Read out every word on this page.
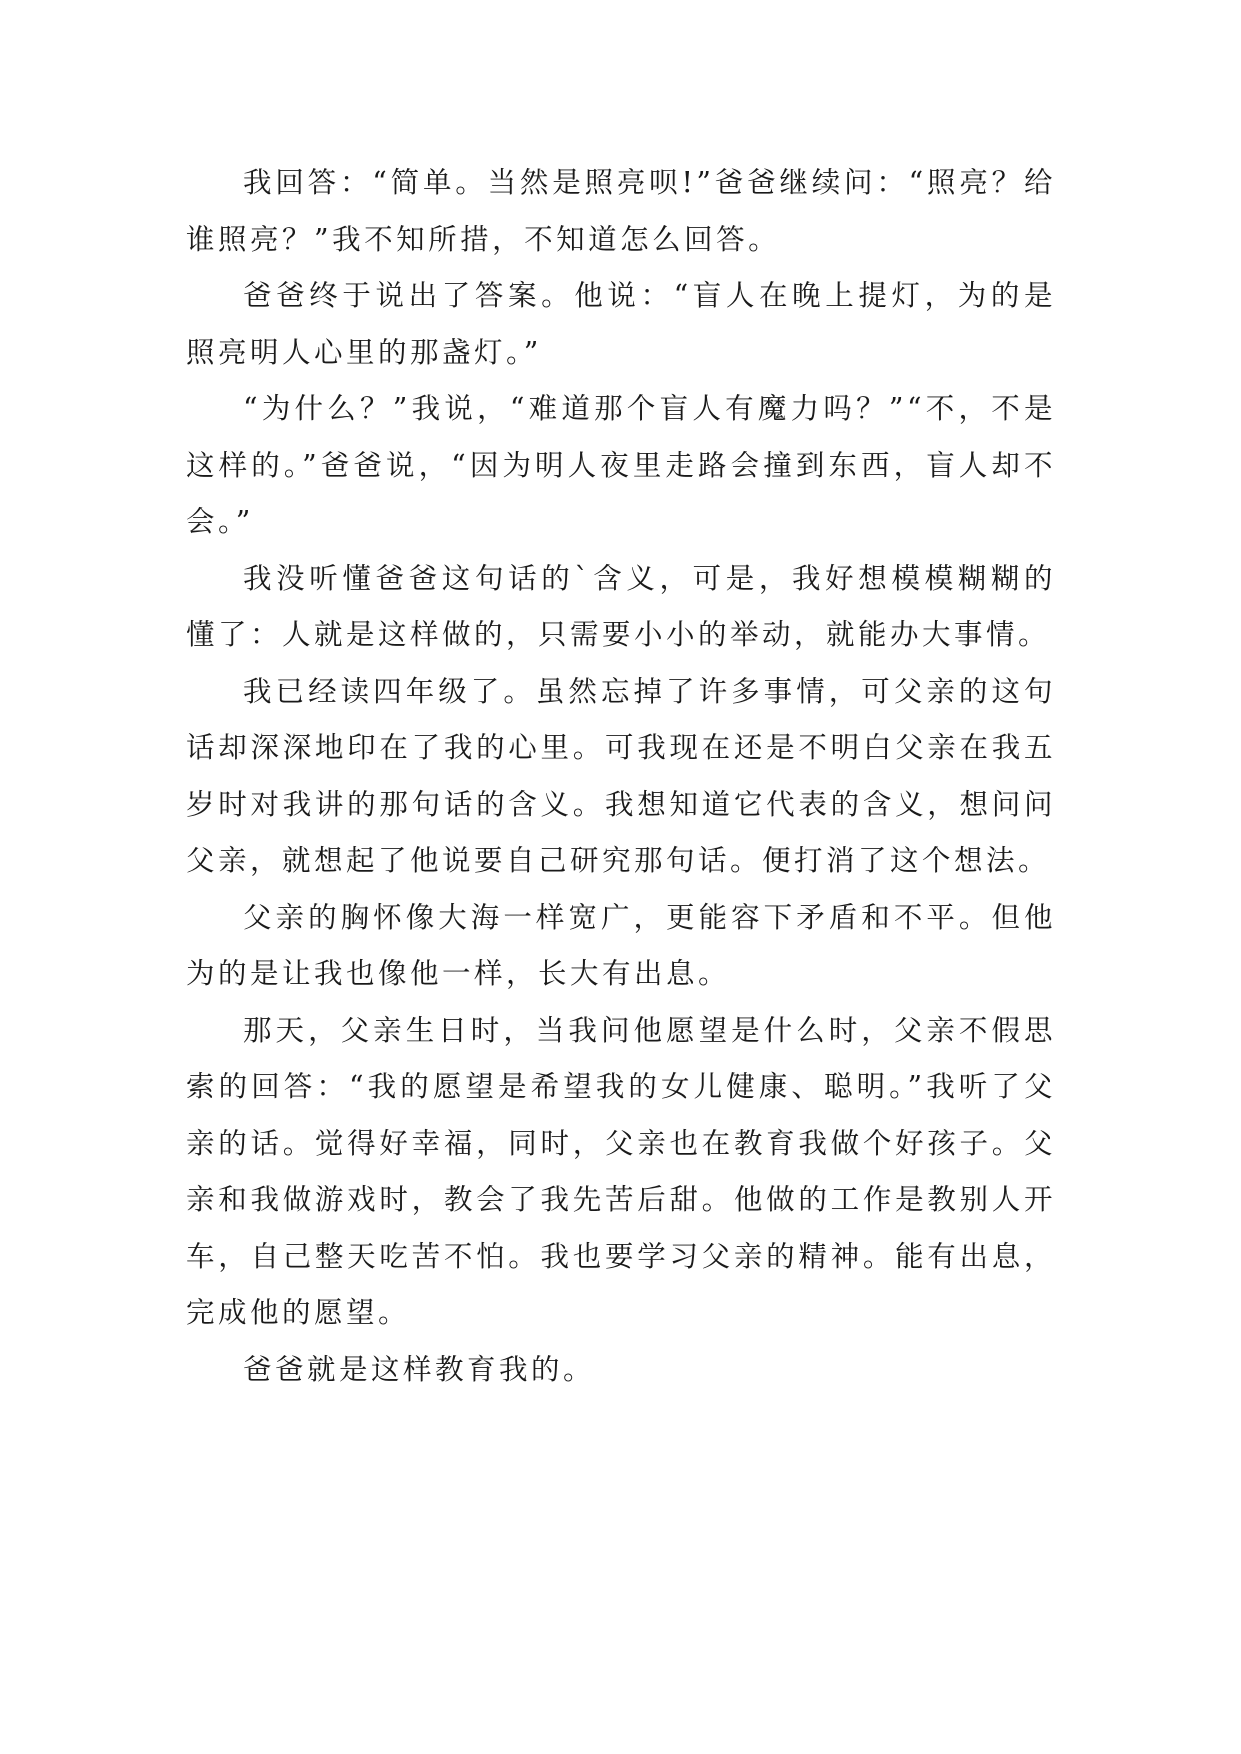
我回答：“简单。当然是照亮呗!”爸爸继续问：“照亮？给谁照亮？”我不知所措，不知道怎么回答。

爸爸终于说出了答案。他说：“盲人在晚上提灯，为的是照亮明人心里的那盏灯。”

“为什么？”我说，“难道那个盲人有魔力吗？”“不，不是这样的。”爸爸说，“因为明人夜里走路会撞到东西，盲人却不会。”

我没听懂爸爸这句话的`含义，可是，我好想模模糊糊的懂了：人就是这样做的，只需要小小的举动，就能办大事情。

我已经读四年级了。虽然忘掉了许多事情，可父亲的这句话却深深地印在了我的心里。可我现在还是不明白父亲在我五岁时对我讲的那句话的含义。我想知道它代表的含义，想问问父亲，就想起了他说要自己研究那句话。便打消了这个想法。

父亲的胸怀像大海一样宽广，更能容下矛盾和不平。但他为的是让我也像他一样，长大有出息。

那天，父亲生日时，当我问他愿望是什么时，父亲不假思索的回答：“我的愿望是希望我的女儿健康、聪明。”我听了父亲的话。觉得好幸福，同时，父亲也在教育我做个好孩子。父亲和我做游戏时，教会了我先苦后甜。他做的工作是教别人开车，自己整天吃苦不怕。我也要学习父亲的精神。能有出息，完成他的愿望。

爸爸就是这样教育我的。
